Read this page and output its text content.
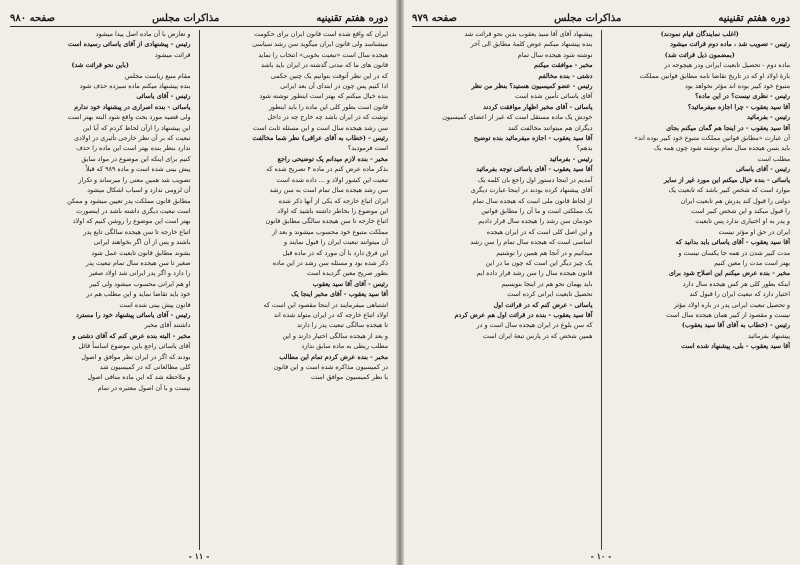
دوره هفتم تقنینیه
مذاکرات مجلس
صفحه ۹۸۰

ایران که واقع شده است قانون ایران برای حکومت

میشناسد ولی قانون ایران میگوید سن رشد سیاسی

هیجده سال است «تبعیت بخوبی» انتخاب را نماید

قانون های ما که مدتی گذشته در ایران باید باشد

که در این نظر آنوقت بتوانیم یک چنین حکمی

ادا کنیم پس چون در ابتدای آن بعد ایرانی

بنده خیال میکنم که بهتر است اینطور نوشته شود

قانون است بطور کلی این ماده را باید اینطور

نوشت که در ایران باشد چه خارج چه در داخل

سن رشد هیجده سال است و این مسئله ثابت است

رئیس - (خطاب به آقای عراقی) نظر شما مخالفت

است فرمودید؟

مخبر - بنده لازم میدانم یک توضیحی راجع

بذکر ماده عرض کنم در ماده ۴ تصریح شده که

تبعیت این کشور اولاد و ... داده شده است

سن رشد هیجده سال تمام است به سن رشد

ایران اتباع خارجه که یکی از آنها ذکر شده

این موضوع را بخاطر داشته باشید که اولاد

اتباع خارجه تا سن هیجده سالگی مطابق قانون

مملکت متبوع خود محسوب میشوند و بعد از

آن میتوانند تبعیت ایران را قبول نمایند و

این فرق دارد با آن مورد که در ماده قبل

ذکر شده بود و مسئله سن رشد در این ماده

بطور صریح معین گردیده است

رئیس - آقای آقا سید یعقوب

آقا سید یعقوب - آقای مخبر اینجا یک

اشتباهی میفرمایند در اینجا مقصود این است که

اولاد اتباع خارجه که در ایران متولد شده اند

تا هیجده سالگی تبعیت پدر را دارند

و بعد از هیجده سالگی اختیار دارند و این

مطلب ربطی به ماده سابق ندارد

مخبر - بنده عرض کردم تمام این مطالب

در کمیسیون مذاکره شده است و این قانون

با نظر کمیسیون موافق است

و تعارض با آن ماده اصل پیدا میشود

رئیس - پیشنهادی از آقای یاسائی رسیده است

قرائت میشود

(باین نحو قرائت شد)

مقام منیع ریاست مجلس

بنده پیشنهاد میکنم ماده سیزده حذف شود

رئیس - آقای یاسائی

یاسائی - بنده اصراری در پیشنهاد خود ندارم

ولی قضیه مورد بحث واقع شود البته بهتر است

این پیشنهاد را ازآن لحاظ کردم که آیا این

تبعیت که بر آن نظر خارجی تأثیری در اولادی

ندارد بنظر بنده بهتر است این ماده را حذف

کنیم برای اینکه این موضوع در مواد سابق

پیش بینی شده است و ماده ۹۸۹ که قبلاً

تصویب شد همین معنی را میرساند و تکرار

آن لزومی ندارد و اسباب اشکال میشود

مطابق قانون مملکت پدر تعیین میشود و ممکن

است تبعیت دیگری داشته باشد در اینصورت

بهتر است این موضوع را روشن کنیم که اولاد

اتباع خارجه تا سن هیجده سالگی تابع پدر

باشند و پس از آن اگر بخواهند ایرانی

بشوند مطابق قانون تابعیت عمل شود

صغیر تا سن هیجده سال تمام تبعیت پدر

را دارد و اگر پدر ایرانی شد اولاد صغیر

او هم ایرانی محسوب میشود ولی کبیر

خود باید تقاضا نماید و این مطلب هم در

قانون پیش بینی شده است

رئیس - آقای یاسائی پیشنهاد خود را مسترد

داشتند آقای مخبر

مخبر - البته بنده عرض کنم که آقای دشتی و

آقای یاسائی راجع باین موضوع اساساً قائل

بودند که اگر در ایران نظر موافق و اصول

کلی مطالعاتی که در کمیسیون شد

و ملاحظه شد که این ماده منافی اصول

نیست و با آن اصول معتبره در تمام

- ۱۱ -
دوره هفتم تقنینیه
مذاکرات مجلس
صفحه ۹۷۹

(اغلب نمایندگان قیام نمودند)

رئیس - تصویب شد ، ماده دوم قرائت میشود

(بمضمون ذیل قرائت شد)

ماده دوم - تحصیل تابعیت ایرانی ودر هیچوجه در

بارهٔ اولاد او که در تاریخ تقاضا نامه مطابق قوانین مملکت

متبوع خود کبیر بوده اند مؤثر نخواهد بود

رئیس - نظری نیست؟ در این ماده؟

آقا سید یعقوب - چرا اجازه میفرمائید؟

رئیس - بفرمائید

آقا سید یعقوب - در اینجا هم گمان میکنم بجای

آن عبارت «مطابق قوانین مملکت متبوع خود کبیر بوده اند»

باید بسن هیجده سال تمام نوشته شود چون همه یک

مطلب است

رئیس - آقای یاسائی

یاسائی - بنده خیال میکنم این مورد غیر از سایر

موارد است که شخص کبیر باشد که تابعیت یک

دولتی را قبول کند پدرش هم تابعیت ایران

را قبول میکند و این شخص کبیر است

و پدر به او اختیاری ندارد پس تابعیت

ایران در حق او مؤثر نیست

آقا سید یعقوب - آقای یاسائی باید بدانید که

مدت کبیر شدن در همه جا یکسان نیست و

بهتر است مدت را معین کنیم

مخبر - بنده عرض میکنم این اصلاح شود برای

اینکه بطور کلی هر کس هیجده سال دارد

اختیار دارد که تبعیت ایران را قبول کند

و تحصیل تبعیت ایرانی پدر در باره اولاد مؤثر

نیست و مقصود از کبیر همان هیجده سال است

رئیس - (خطاب به آقای آقا سید یعقوب)

پیشنهاد بفرمائید

آقا سید یعقوب - بلی، پیشنهاد شده است

پیشنهاد آقای آقا سید یعقوب بدین نحو قرائت شد

بنده پیشنهاد میکنم عوض کلمهٔ مطابق الی آخر

نوشته شود هیجده سال تمام

مخبر - موافقت میکنم

دشتی - بنده مخالفم

رئیس - عضو کمیسیون هستید؟ بنظر من نظر

آقای یاسائی تأمین شده است

یاسائی - آقای مخبر اظهار موافقت کردند

خودش یک ماده مستقل است که غیر از اعضای کمیسیون

دیگران هم میتوانند مخالفت کنند

آقا سید یعقوب - اجازه میفرمائید بنده توضیح

بدهم؟

رئیس - بفرمائید

آقا سید یعقوب - آقای یاسائی توجه بفرمائید

آمدیم در اینجا دستور اول راجع بان کلمه یک

آقای پیشنهاد کرده بودند در اینجا عبارت دیگری

از لحاظ قانون ملی است که هیجده سال تمام

یک مملکتی است و ما آن را مطابق قوانین

خودمان سن رشد را هیجده سال قرار دادیم

و این اصل کلی است که در ایران هیجده

اساسی است که هیجده سال تمام را سن رشد

میدانیم و در آنجا هم همین را نوشتیم

یک چیز دیگر این است که چون ما در این

قانون هیجده سال را سن رشد قرار داده ایم

باید بهمان نحو هم در اینجا بنویسیم

تحصیل تابعیت ایرانی کرده است

یاسائی - عرض کنم که در قرائت اول

آقا سید یعقوب - بنده در قرائت اول هم عرض کردم

که سن بلوغ در ایران هیجده سال است و در

همین شخص که در پارس تبعهٔ ایران است

- ۱۰ -
